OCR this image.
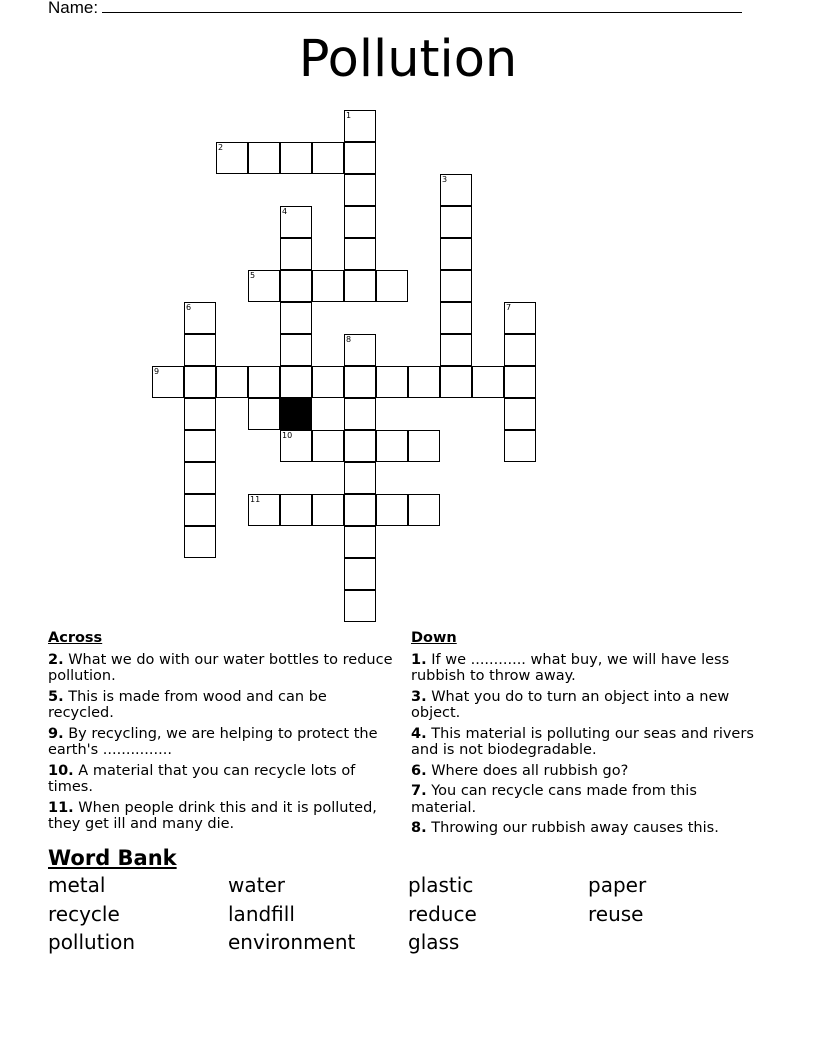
Name:
Pollution
1
2
3
4
5
6	7
8
9
10
11
Across
2. What we do with our water bottles to reduce pollution.
5. This is made from wood and can be recycled.
9. By recycling, we are helping to protect the earth's ...............
10. A material that you can recycle lots of times.
11. When people drink this and it is polluted, they get ill and many die.
Down
1. If we ............ what buy, we will have less rubbish to throw away.
3. What you do to turn an object into a new object.
4. This material is polluting our seas and rivers and is not biodegradable.
6. Where does all rubbish go?
7. You can recycle cans made from this material.
8. Throwing our rubbish away causes this.
Word Bank
metal	water	plastic	paper
recycle	landfill	reduce	reuse
pollution	environment	glass
